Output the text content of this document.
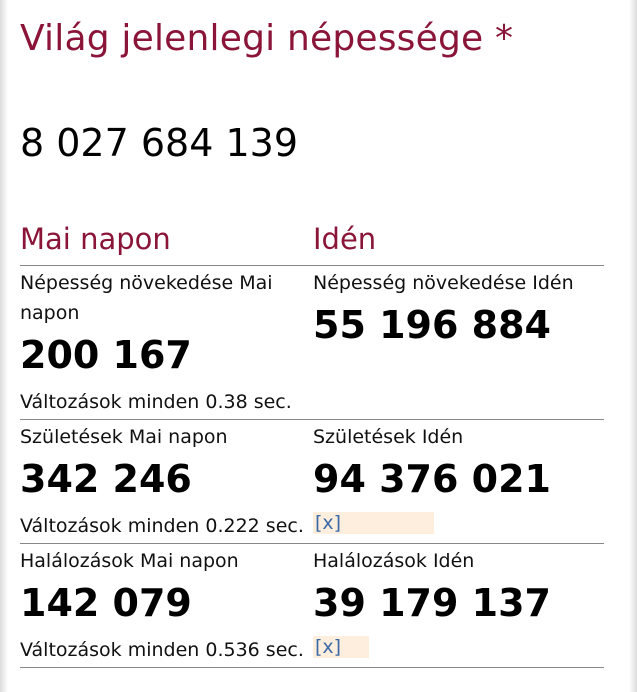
Világ jelenlegi népessége *
8 027 684 139
Mai napon	Idén
Népesség növekedése Mai napon
200 167
Változások minden 0.38 sec.
Népesség növekedése Idén
55 196 884
Születések Mai napon
342 246
Változások minden 0.222 sec.
Születések Idén
94 376 021
[x]
Halálozások Mai napon
142 079
Változások minden 0.536 sec.
Halálozások Idén
39 179 137
[x]
